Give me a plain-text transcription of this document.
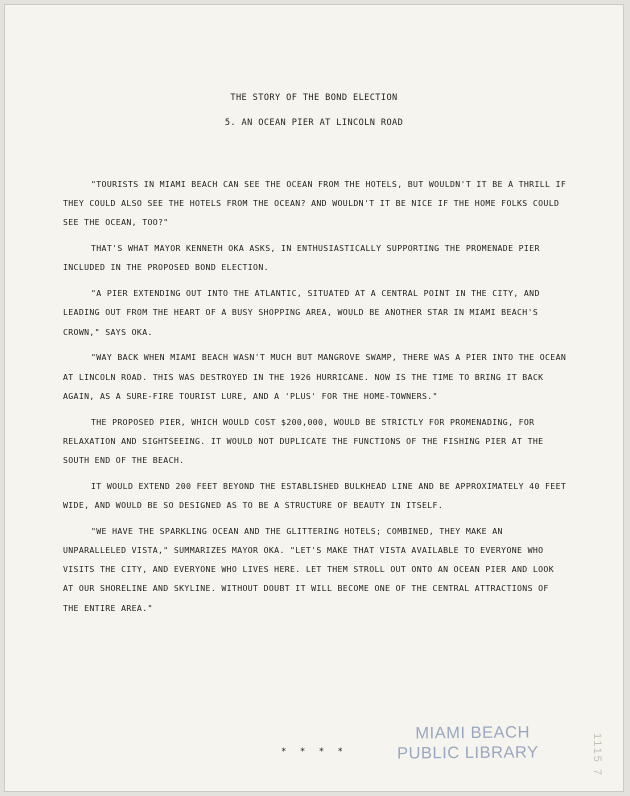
THE STORY OF THE BOND ELECTION
5. AN OCEAN PIER AT LINCOLN ROAD

"TOURISTS IN MIAMI BEACH CAN SEE THE OCEAN FROM THE HOTELS, BUT WOULDN'T IT BE A THRILL IF THEY COULD ALSO SEE THE HOTELS FROM THE OCEAN? AND WOULDN'T IT BE NICE IF THE HOME FOLKS COULD SEE THE OCEAN, TOO?"

THAT'S WHAT MAYOR KENNETH OKA ASKS, IN ENTHUSIASTICALLY SUPPORTING THE PROMENADE PIER INCLUDED IN THE PROPOSED BOND ELECTION.

"A PIER EXTENDING OUT INTO THE ATLANTIC, SITUATED AT A CENTRAL POINT IN THE CITY, AND LEADING OUT FROM THE HEART OF A BUSY SHOPPING AREA, WOULD BE ANOTHER STAR IN MIAMI BEACH'S CROWN," SAYS OKA.

"WAY BACK WHEN MIAMI BEACH WASN'T MUCH BUT MANGROVE SWAMP, THERE WAS A PIER INTO THE OCEAN AT LINCOLN ROAD. THIS WAS DESTROYED IN THE 1926 HURRICANE. NOW IS THE TIME TO BRING IT BACK AGAIN, AS A SURE-FIRE TOURIST LURE, AND A 'PLUS' FOR THE HOME-TOWNERS."

THE PROPOSED PIER, WHICH WOULD COST $200,000, WOULD BE STRICTLY FOR PROMENADING, FOR RELAXATION AND SIGHTSEEING. IT WOULD NOT DUPLICATE THE FUNCTIONS OF THE FISHING PIER AT THE SOUTH END OF THE BEACH.

IT WOULD EXTEND 200 FEET BEYOND THE ESTABLISHED BULKHEAD LINE AND BE APPROXIMATELY 40 FEET WIDE, AND WOULD BE SO DESIGNED AS TO BE A STRUCTURE OF BEAUTY IN ITSELF.

"WE HAVE THE SPARKLING OCEAN AND THE GLITTERING HOTELS; COMBINED, THEY MAKE AN UNPARALLELED VISTA," SUMMARIZES MAYOR OKA. "LET'S MAKE THAT VISTA AVAILABLE TO EVERYONE WHO VISITS THE CITY, AND EVERYONE WHO LIVES HERE. LET THEM STROLL OUT ONTO AN OCEAN PIER AND LOOK AT OUR SHORELINE AND SKYLINE. WITHOUT DOUBT IT WILL BECOME ONE OF THE CENTRAL ATTRACTIONS OF THE ENTIRE AREA."

* * * *
MIAMI BEACH
PUBLIC LIBRARY	1115 7
